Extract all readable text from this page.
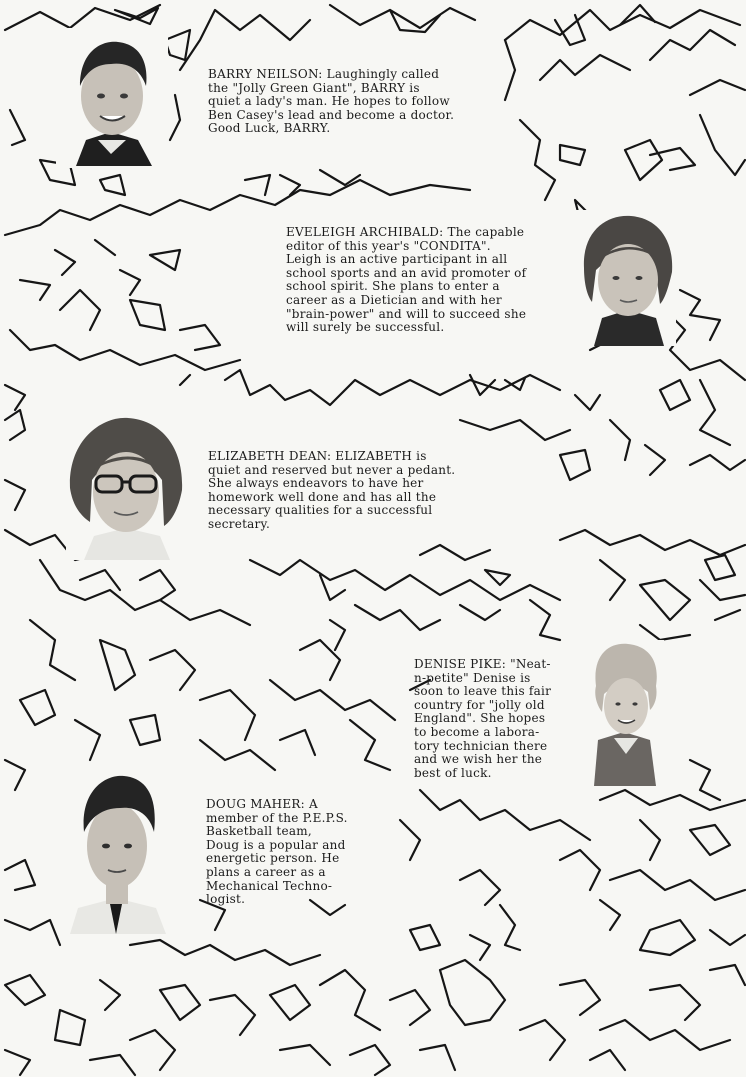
BARRY NEILSON: Laughingly called
the "Jolly Green Giant", BARRY is
quiet a lady's man. He hopes to follow
Ben Casey's lead and become a doctor.
Good Luck, BARRY.
EVELEIGH ARCHIBALD: The capable
editor of this year's "CONDITA".
Leigh is an active participant in all
school sports and an avid promoter of
school spirit. She plans to enter a
career as a Dietician and with her
"brain-power" and will to succeed she
will surely be successful.
ELIZABETH DEAN: ELIZABETH is
quiet and reserved but never a pedant.
She always endeavors to have her
homework well done and has all the
necessary qualities for a successful
secretary.
DENISE PIKE: "Neat-
n-petite" Denise is
soon to leave this fair
country for "jolly old
England". She hopes
to become a labora-
tory technician there
and we wish her the
best of luck.
DOUG MAHER: A
member of the P.E.P.S.
Basketball team,
Doug is a popular and
energetic person. He
plans a career as a
Mechanical Techno-
logist.
